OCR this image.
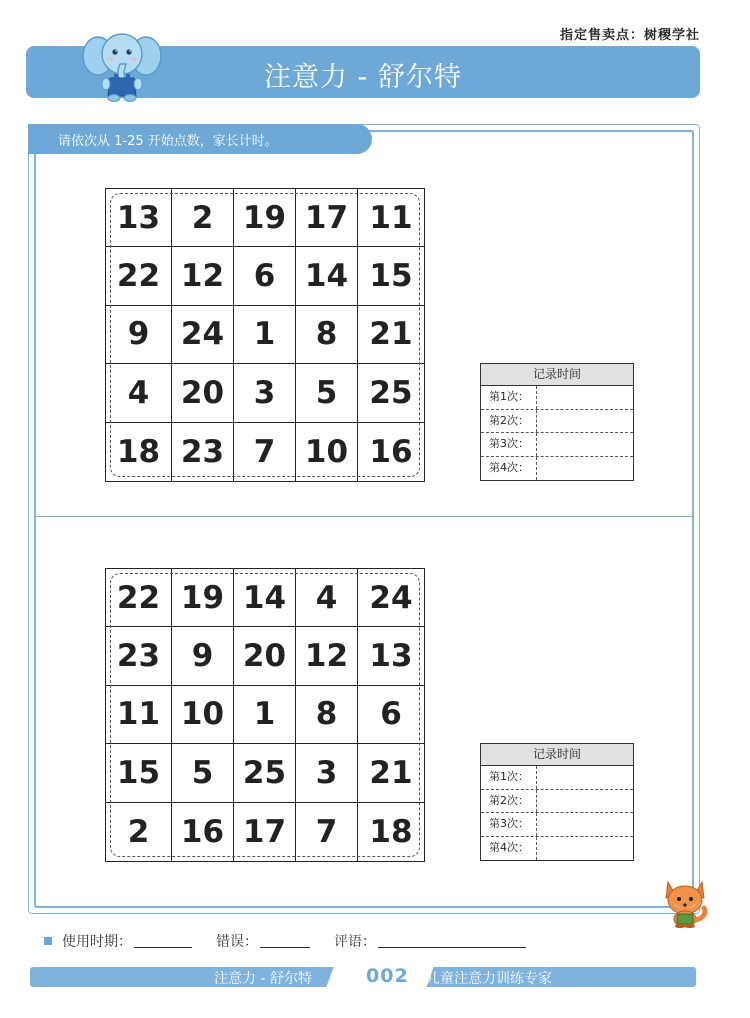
指定售卖点：树稷学社
注意力 - 舒尔特
请依次从 1-25 开始点数，家长计时。
13	2 19 17 11
22 12 6 14 15
9	24 1	8	21
4	20 3	5	25
18 23 7 10 16
22 19 14 4	24
23	9 20 12 13
11 10 1	8	6
15	5 25 3	21
2	16 17 7	18
记录时间
第1次：
第2次：
第3次：
第4次：
记录时间
第1次：
第2次：
第3次：
第4次：
使用时期：	错误：	评语：
注意力 - 舒尔特	002 儿童注意力训练专家
